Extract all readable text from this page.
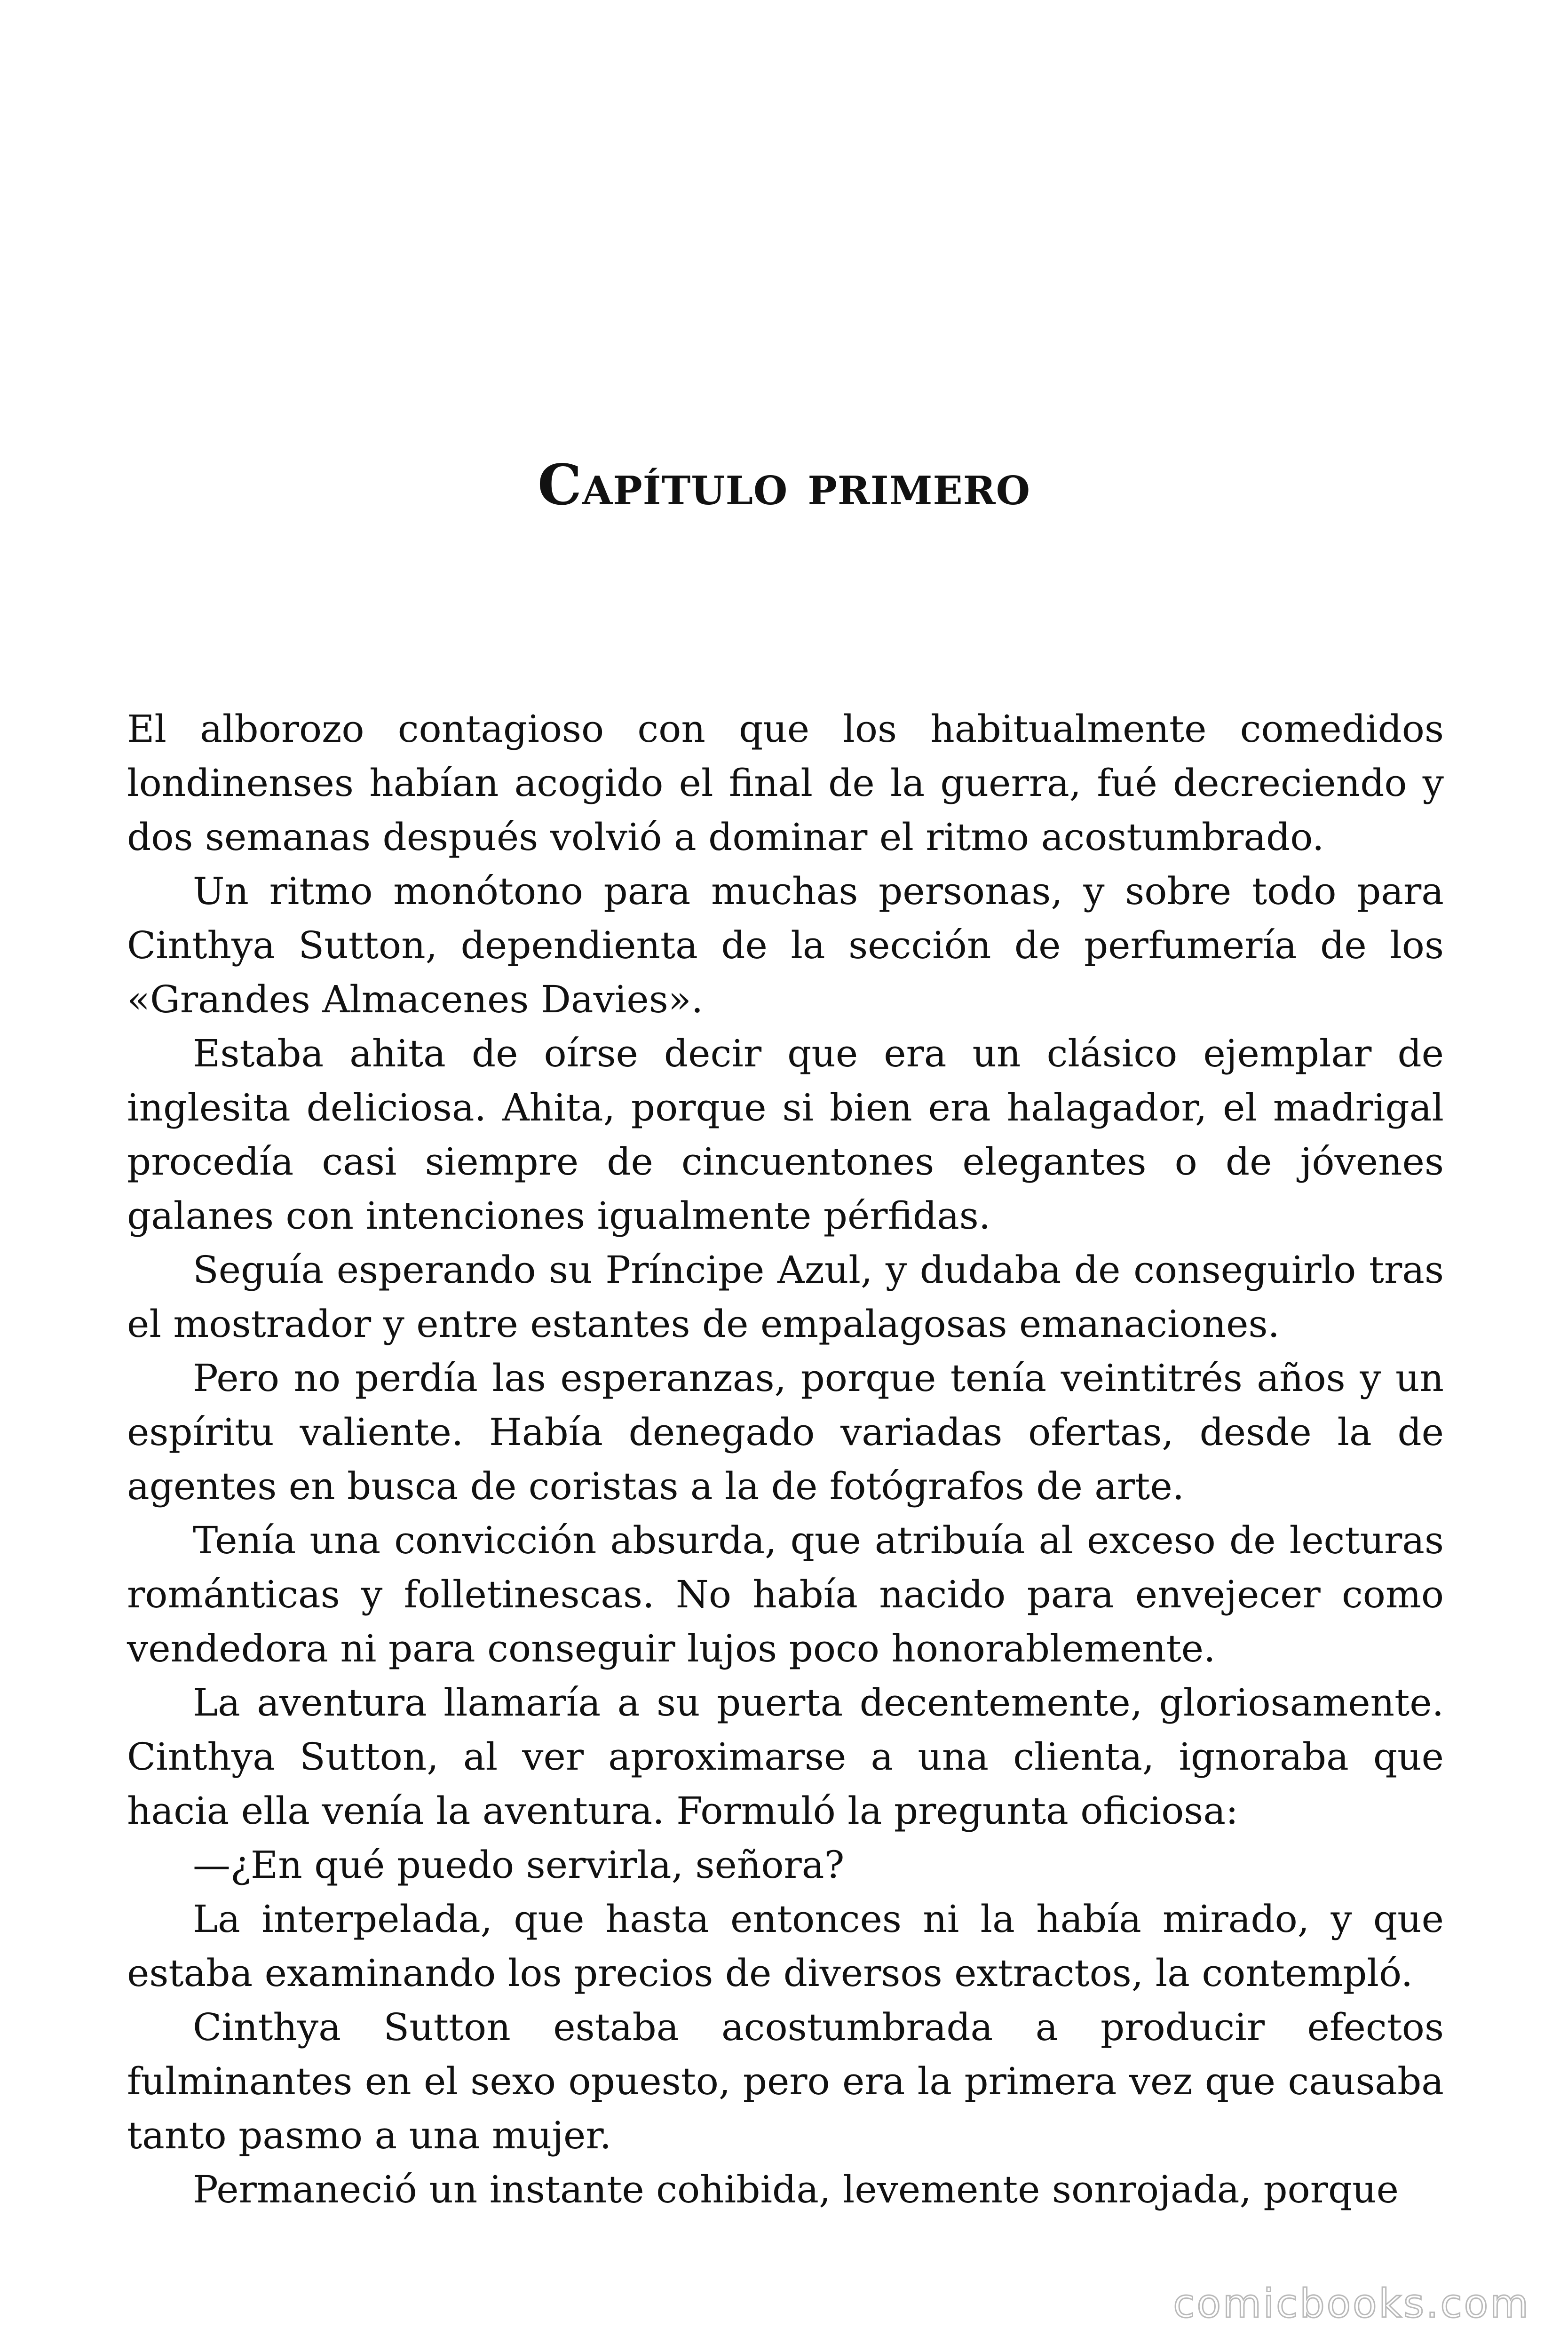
Capítulo primero

El alborozo contagioso con que los habitualmente comedidos londinenses habían acogido el final de la guerra, fué decreciendo y dos semanas después volvió a dominar el ritmo acostumbrado.

Un ritmo monótono para muchas personas, y sobre todo para Cinthya Sutton, dependienta de la sección de perfumería de los «Grandes Almacenes Davies».

Estaba ahita de oírse decir que era un clásico ejemplar de inglesita deliciosa. Ahita, porque si bien era halagador, el madrigal procedía casi siempre de cincuentones elegantes o de jóvenes galanes con intenciones igualmente pérfidas.

Seguía esperando su Príncipe Azul, y dudaba de conseguirlo tras el mostrador y entre estantes de empalagosas emanaciones.

Pero no perdía las esperanzas, porque tenía veintitrés años y un espíritu valiente. Había denegado variadas ofertas, desde la de agentes en busca de coristas a la de fotógrafos de arte.

Tenía una convicción absurda, que atribuía al exceso de lecturas románticas y folletinescas. No había nacido para envejecer como vendedora ni para conseguir lujos poco honorablemente.

La aventura llamaría a su puerta decentemente, gloriosamente. Cinthya Sutton, al ver aproximarse a una clienta, ignoraba que hacia ella venía la aventura. Formuló la pregunta oficiosa:

—¿En qué puedo servirla, señora?

La interpelada, que hasta entonces ni la había mirado, y que estaba examinando los precios de diversos extractos, la contempló.

Cinthya Sutton estaba acostumbrada a producir efectos fulminantes en el sexo opuesto, pero era la primera vez que causaba tanto pasmo a una mujer.

Permaneció un instante cohibida, levemente sonrojada, porque

comicbooks.com
